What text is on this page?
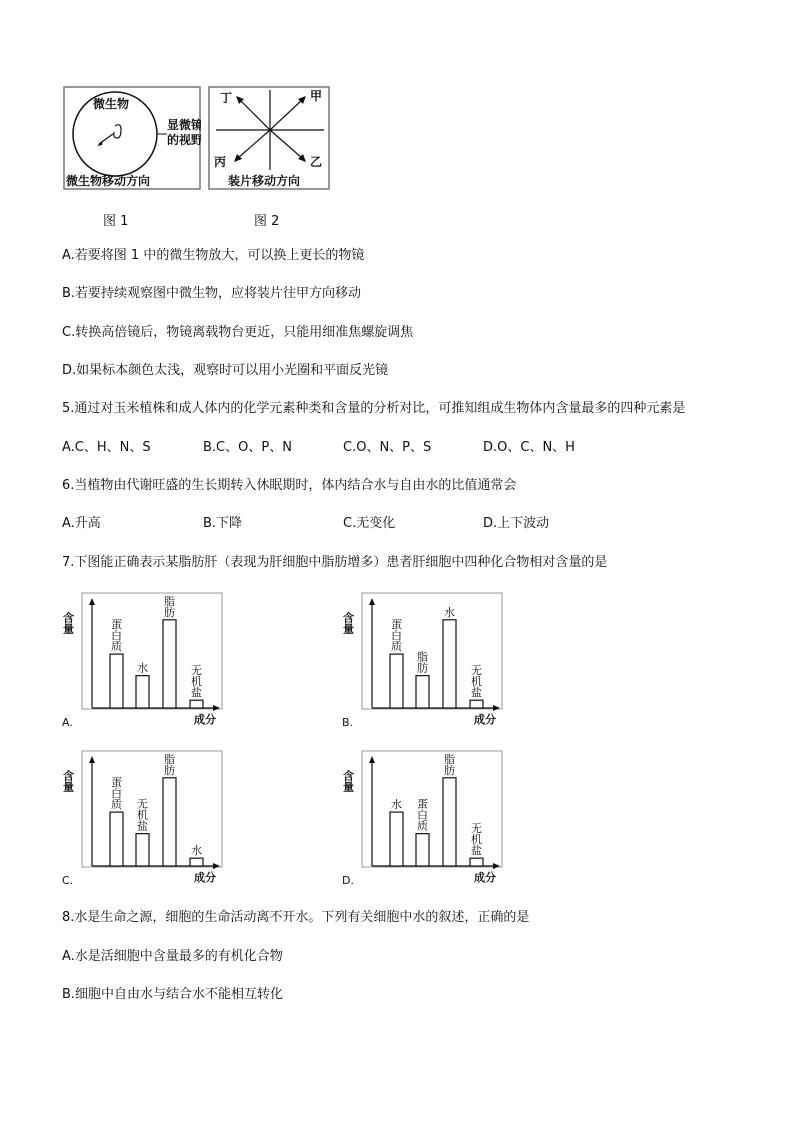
微生物
显微镜
的视野
微生物移动方向
丁	甲
丙	乙
装片移动方向
图 1	图 2
A.若要将图 1 中的微生物放大，可以换上更长的物镜
B.若要持续观察图中微生物，应将装片往甲方向移动
C.转换高倍镜后，物镜离载物台更近，只能用细准焦螺旋调焦
D.如果标本颜色太浅，观察时可以用小光圈和平面反光镜
5.通过对玉米植株和成人体内的化学元素种类和含量的分析对比，可推知组成生物体内含量最多的四种元素是
A.C、H、N、S	B.C、O、P、N	C.O、N、P、S	D.O、C、N、H
6.当植物由代谢旺盛的生长期转入休眠期时，体内结合水与自由水的比值通常会
A.升高	B.下降	C.无变化	D.上下波动
7.下图能正确表示某脂肪肝（表现为肝细胞中脂肪增多）患者肝细胞中四种化合物相对含量的是
含量
成分
A.
蛋白质
水
脂肪
无机盐
含量
成分
B.
蛋白质
脂肪
水
无机盐
含量
成分
C.
蛋白质 无机盐
脂肪
水
含量
成分
D.
水 蛋白质
脂肪
无机盐
8.水是生命之源，细胞的生命活动离不开水。下列有关细胞中水的叙述，正确的是
A.水是活细胞中含量最多的有机化合物
B.细胞中自由水与结合水不能相互转化
